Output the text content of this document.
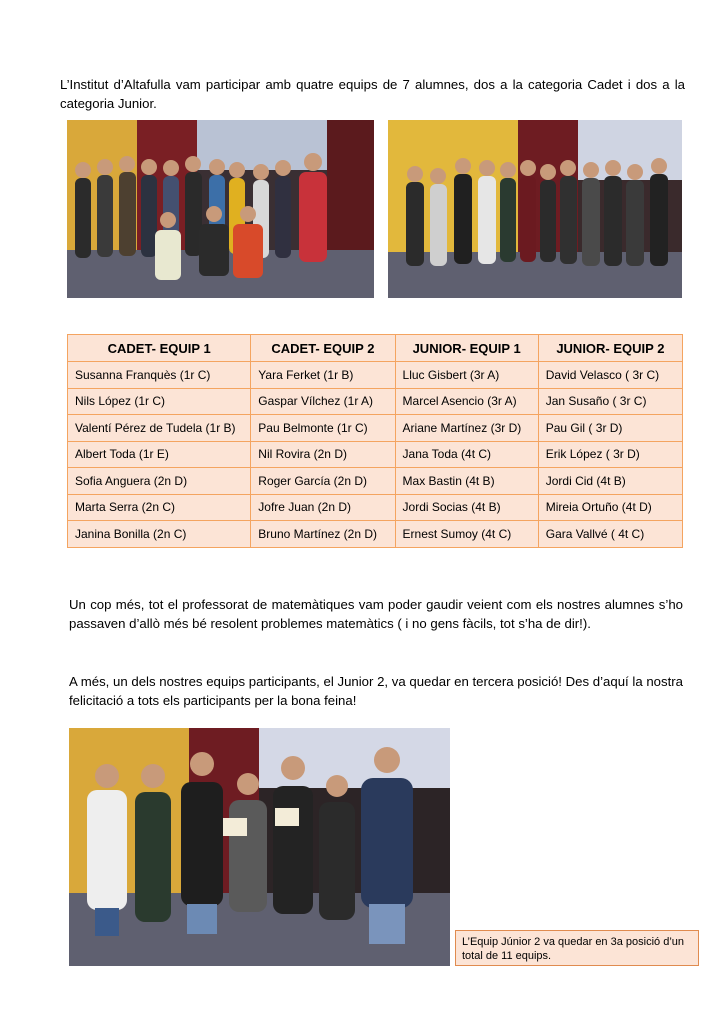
L’Institut d’Altafulla vam participar amb quatre equips de 7 alumnes, dos a la categoria Cadet i dos a la categoria Junior.

CADET- EQUIP 1	CADET- EQUIP 2	JUNIOR- EQUIP 1	JUNIOR- EQUIP 2
Susanna Franquès (1r C)	Yara Ferket (1r B)	Lluc Gisbert (3r A)	David Velasco ( 3r C)
Nils López (1r C)	Gaspar Vílchez (1r A)	Marcel Asencio (3r A)	Jan Susaño ( 3r C)
Valentí Pérez de Tudela (1r B)	Pau Belmonte (1r C)	Ariane Martínez (3r D)	Pau Gil ( 3r D)
Albert Toda (1r E)	Nil Rovira (2n D)	Jana Toda (4t C)	Erik López ( 3r D)
Sofia Anguera (2n D)	Roger García (2n D)	Max Bastin (4t B)	Jordi Cid (4t B)
Marta Serra (2n C)	Jofre Juan (2n D)	Jordi Socias (4t B)	Mireia Ortuño (4t D)
Janina Bonilla (2n C)	Bruno Martínez (2n D)	Ernest Sumoy (4t C)	Gara Vallvé ( 4t C)

Un cop més, tot el professorat de matemàtiques vam poder gaudir veient com els nostres alumnes s’ho passaven d’allò més bé resolent problemes matemàtics ( i no gens fàcils, tot s’ha de dir!).

A més, un dels nostres equips participants, el Junior 2, va quedar en tercera posició! Des d’aquí la nostra felicitació a tots els participants per la bona feina!

L’Equip Júnior 2 va quedar en 3a posició d’un total de 11 equips.
